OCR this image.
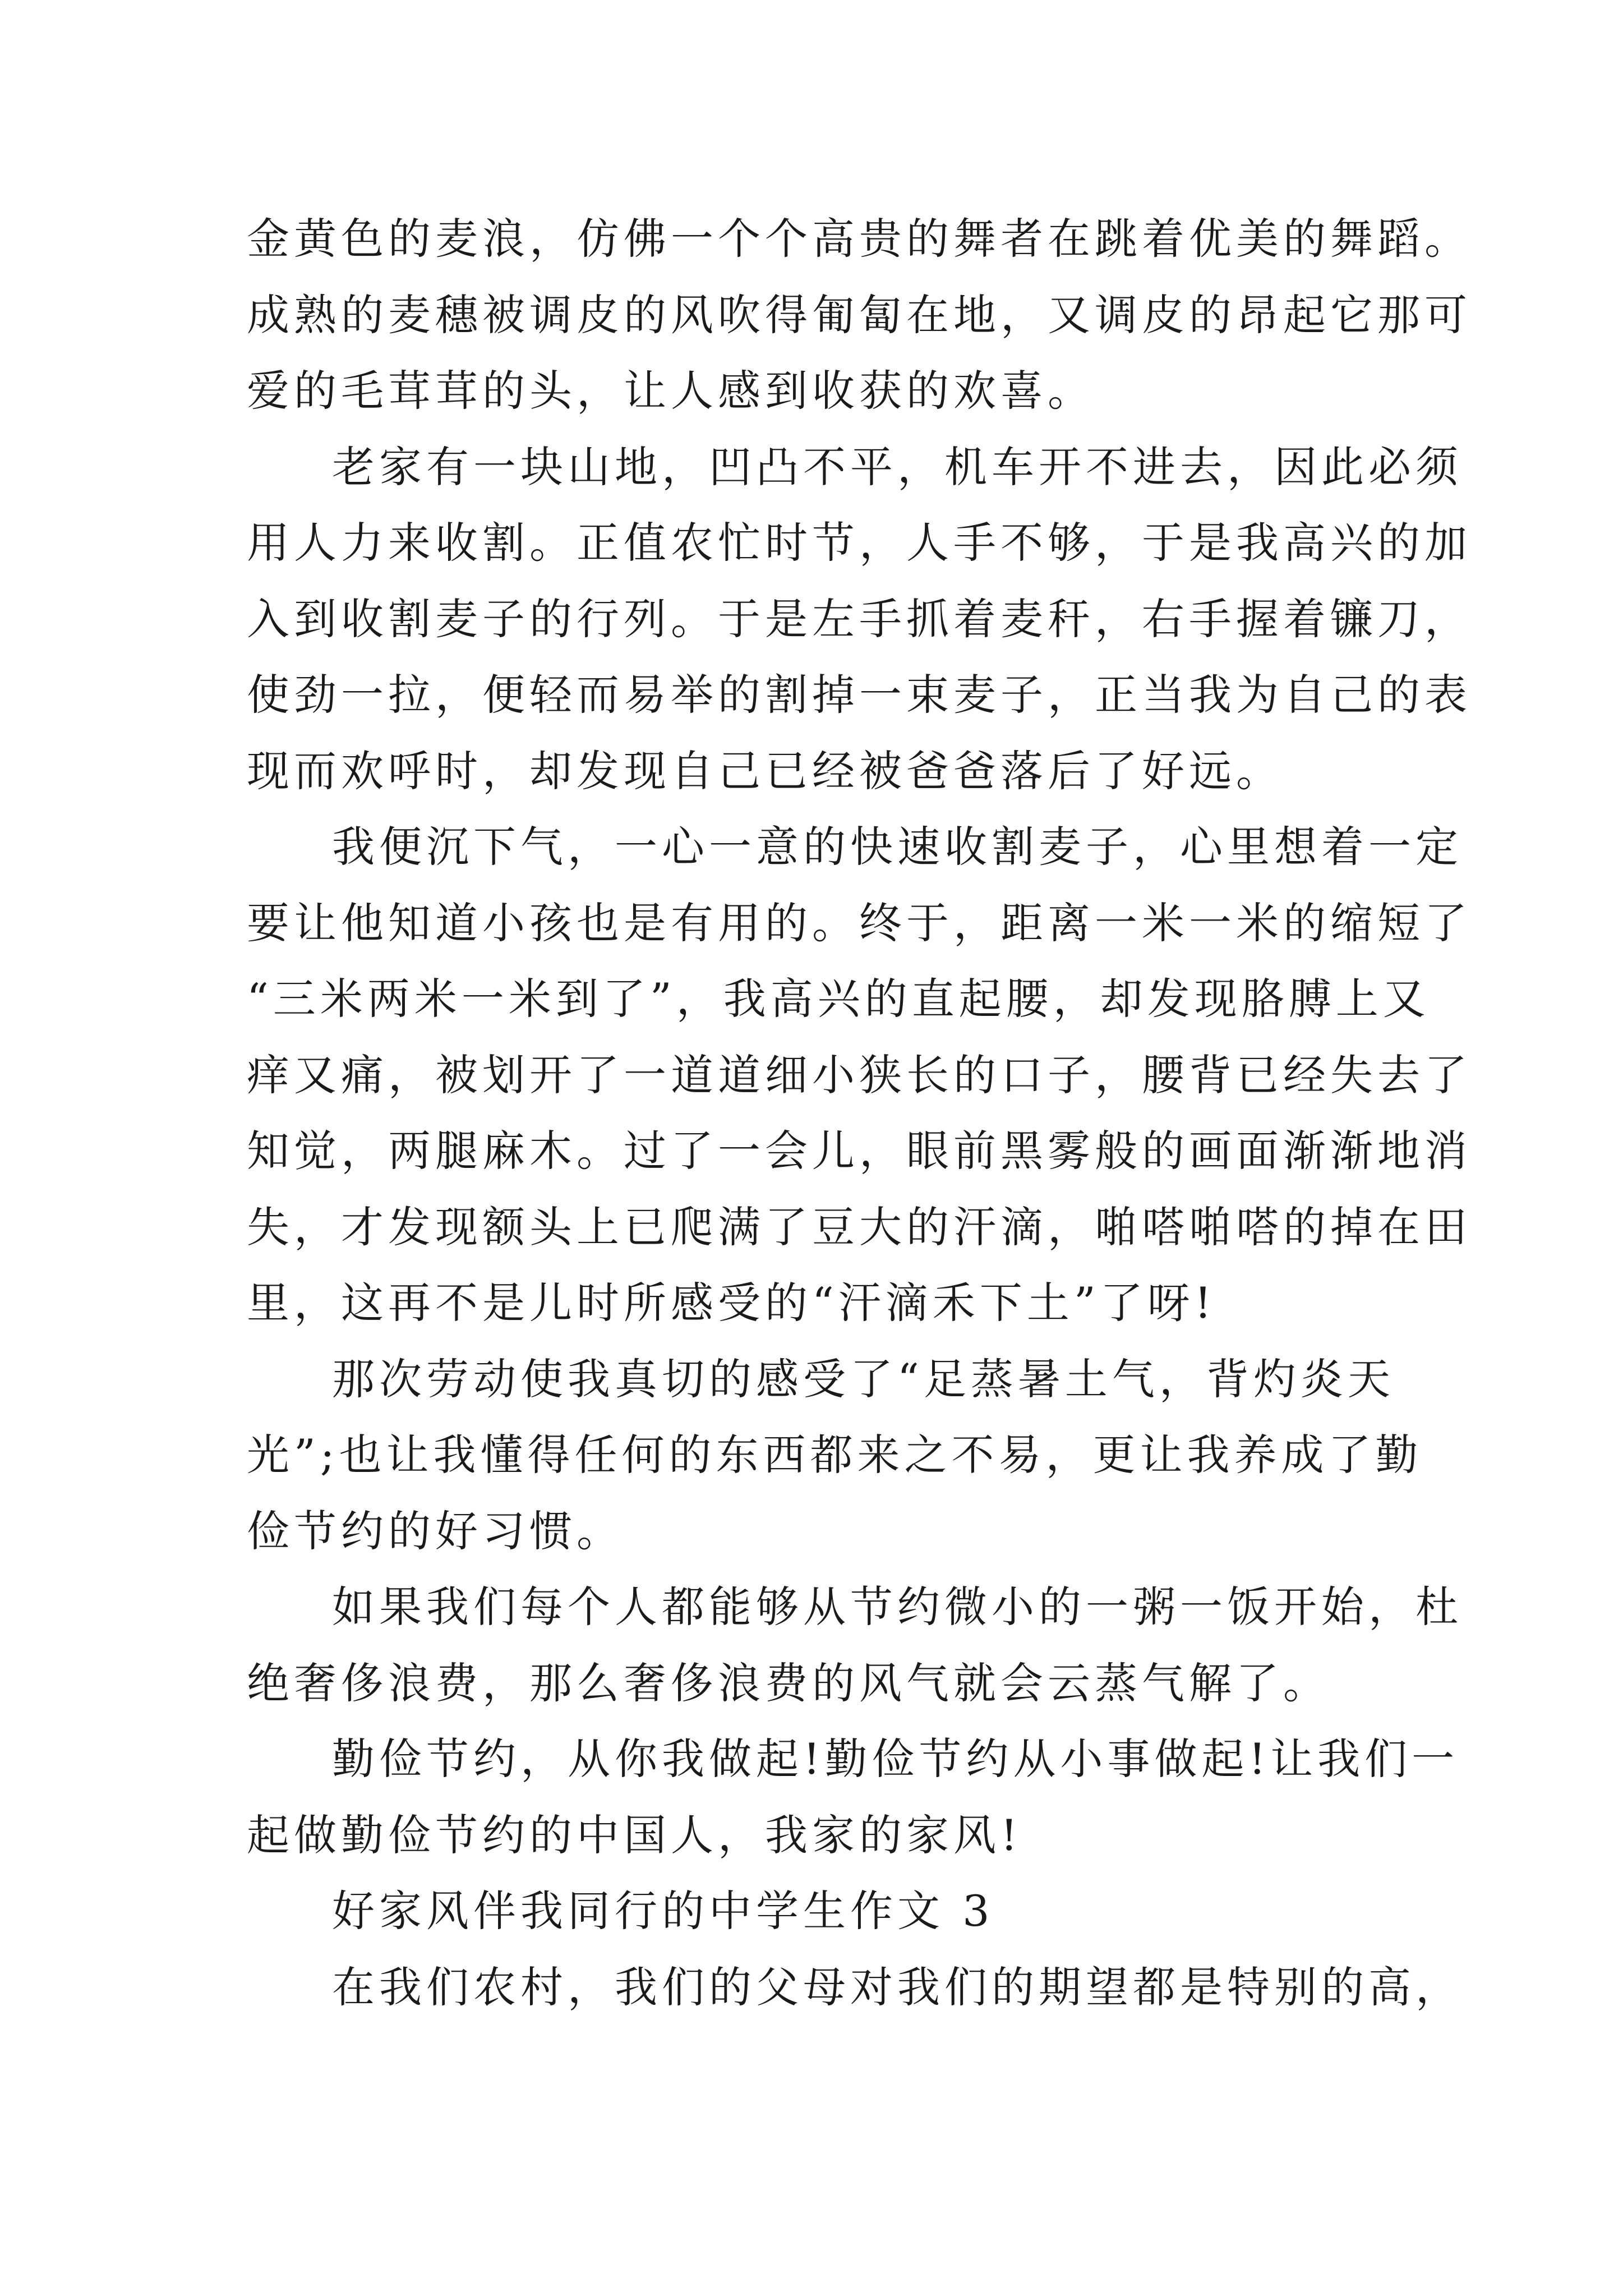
金黄色的麦浪，仿佛一个个高贵的舞者在跳着优美的舞蹈。
成熟的麦穗被调皮的风吹得匍匐在地，又调皮的昂起它那可
爱的毛茸茸的头，让人感到收获的欢喜。
老家有一块山地，凹凸不平，机车开不进去，因此必须
用人力来收割。正值农忙时节，人手不够，于是我高兴的加
入到收割麦子的行列。于是左手抓着麦秆，右手握着镰刀，
使劲一拉，便轻而易举的割掉一束麦子，正当我为自己的表
现而欢呼时，却发现自己已经被爸爸落后了好远。
我便沉下气，一心一意的快速收割麦子，心里想着一定
要让他知道小孩也是有用的。终于，距离一米一米的缩短了
“三米两米一米到了”，我高兴的直起腰，却发现胳膊上又
痒又痛，被划开了一道道细小狭长的口子，腰背已经失去了
知觉，两腿麻木。过了一会儿，眼前黑雾般的画面渐渐地消
失，才发现额头上已爬满了豆大的汗滴，啪嗒啪嗒的掉在田
里，这再不是儿时所感受的“汗滴禾下土”了呀!
那次劳动使我真切的感受了“足蒸暑土气，背灼炎天
光”;也让我懂得任何的东西都来之不易，更让我养成了勤
俭节约的好习惯。
如果我们每个人都能够从节约微小的一粥一饭开始，杜
绝奢侈浪费，那么奢侈浪费的风气就会云蒸气解了。
勤俭节约，从你我做起!勤俭节约从小事做起!让我们一
起做勤俭节约的中国人，我家的家风!
好家风伴我同行的中学生作文 3
在我们农村，我们的父母对我们的期望都是特别的高，
